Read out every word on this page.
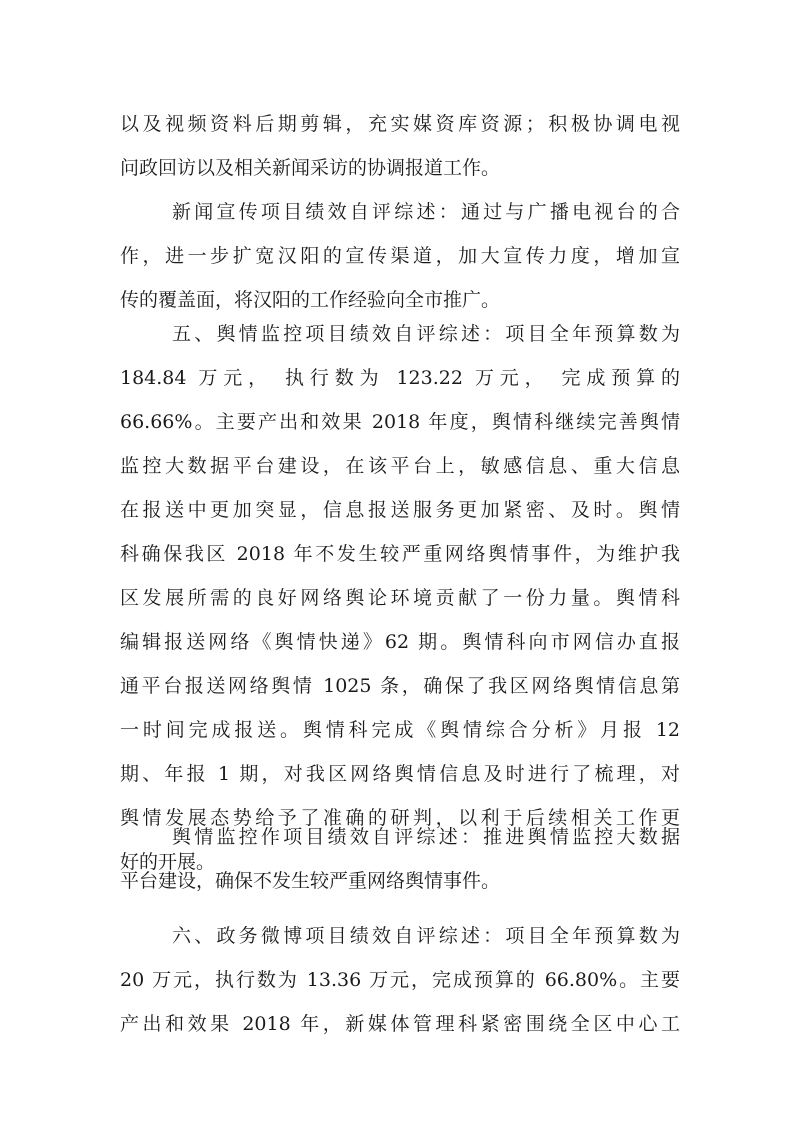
以及视频资料后期剪辑，充实媒资库资源；积极协调电视
问政回访以及相关新闻采访的协调报道工作。
新闻宣传项目绩效自评综述：通过与广播电视台的合
作，进一步扩宽汉阳的宣传渠道，加大宣传力度，增加宣
传的覆盖面，将汉阳的工作经验向全市推广。
五、舆情监控项目绩效自评综述：项目全年预算数为
184.84 万元， 执行数为 123.22 万元， 完成预算的
66.66%。主要产出和效果 2018 年度，舆情科继续完善舆情
监控大数据平台建设，在该平台上，敏感信息、重大信息
在报送中更加突显，信息报送服务更加紧密、及时。舆情
科确保我区 2018 年不发生较严重网络舆情事件，为维护我
区发展所需的良好网络舆论环境贡献了一份力量。舆情科
编辑报送网络《舆情快递》62 期。舆情科向市网信办直报
通平台报送网络舆情 1025 条，确保了我区网络舆情信息第
一时间完成报送。舆情科完成《舆情综合分析》月报 12
期、年报 1 期，对我区网络舆情信息及时进行了梳理，对
舆情发展态势给予了准确的研判，以利于后续相关工作更
好的开展。
舆情监控作项目绩效自评综述：推进舆情监控大数据
平台建设，确保不发生较严重网络舆情事件。
六、政务微博项目绩效自评综述：项目全年预算数为
20 万元，执行数为 13.36 万元，完成预算的 66.80%。主要
产出和效果 2018 年，新媒体管理科紧密围绕全区中心工
